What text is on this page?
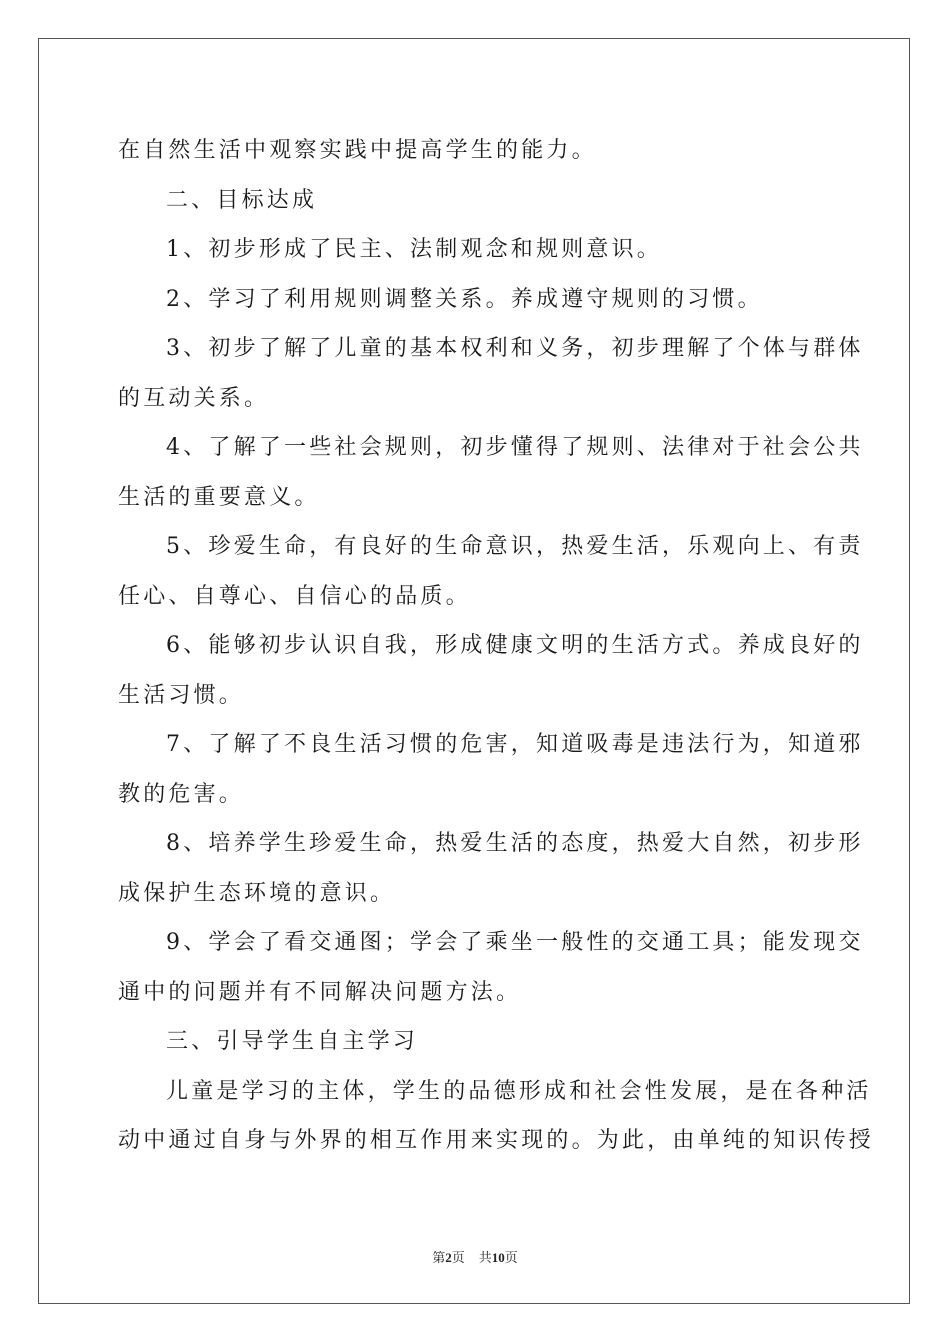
在自然生活中观察实践中提高学生的能力。
二、目标达成
1、初步形成了民主、法制观念和规则意识。
2、学习了利用规则调整关系。养成遵守规则的习惯。
3、初步了解了儿童的基本权利和义务，初步理解了个体与群体
的互动关系。
4、了解了一些社会规则，初步懂得了规则、法律对于社会公共
生活的重要意义。
5、珍爱生命，有良好的生命意识，热爱生活，乐观向上、有责
任心、自尊心、自信心的品质。
6、能够初步认识自我，形成健康文明的生活方式。养成良好的
生活习惯。
7、了解了不良生活习惯的危害，知道吸毒是违法行为，知道邪
教的危害。
8、培养学生珍爱生命，热爱生活的态度，热爱大自然，初步形
成保护生态环境的意识。
9、学会了看交通图；学会了乘坐一般性的交通工具；能发现交
通中的问题并有不同解决问题方法。
三、引导学生自主学习
儿童是学习的主体，学生的品德形成和社会性发展，是在各种活
动中通过自身与外界的相互作用来实现的。为此，由单纯的知识传授
第2页 共10页
